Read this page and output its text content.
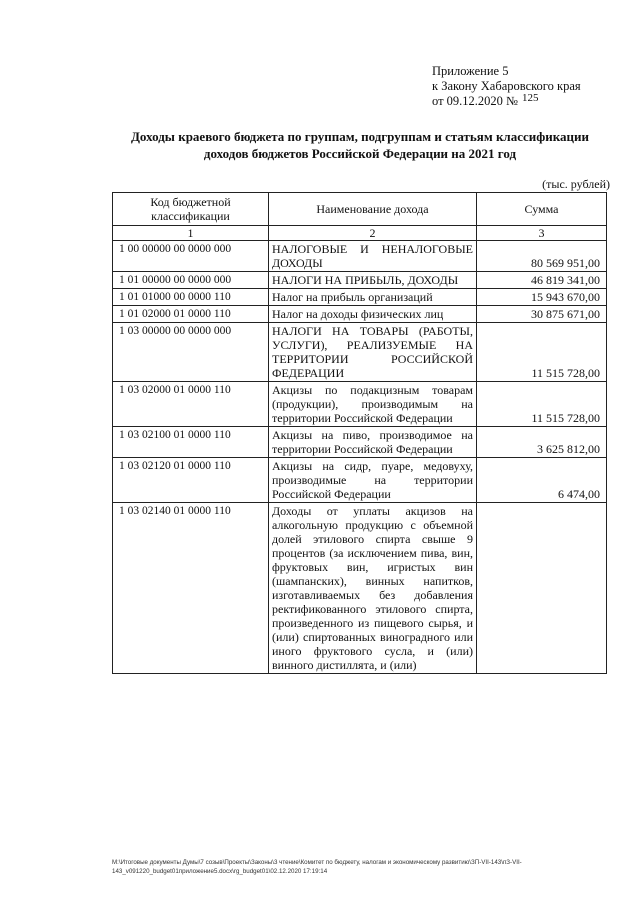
Приложение 5
к Закону Хабаровского края
от 09.12.2020 № 125
Доходы краевого бюджета по группам, подгруппам и статьям классификации
доходов бюджетов Российской Федерации на 2021 год
(тыс. рублей)
Код бюджетной классификации	Наименование дохода	Сумма
1	2	3
1 00 00000 00 0000 000	НАЛОГОВЫЕ И НЕНАЛОГОВЫЕ ДОХОДЫ	80 569 951,00
1 01 00000 00 0000 000	НАЛОГИ НА ПРИБЫЛЬ, ДОХОДЫ	46 819 341,00
1 01 01000 00 0000 110	Налог на прибыль организаций	15 943 670,00
1 01 02000 01 0000 110	Налог на доходы физических лиц	30 875 671,00
1 03 00000 00 0000 000	НАЛОГИ НА ТОВАРЫ (РАБОТЫ, УСЛУГИ), РЕАЛИЗУЕМЫЕ НА ТЕРРИТОРИИ РОССИЙСКОЙ ФЕДЕРАЦИИ	11 515 728,00
1 03 02000 01 0000 110	Акцизы по подакцизным товарам (продукции), производимым на территории Российской Федерации	11 515 728,00
1 03 02100 01 0000 110	Акцизы на пиво, производимое на территории Российской Федерации	3 625 812,00
1 03 02120 01 0000 110	Акцизы на сидр, пуаре, медовуху, производимые на территории Российской Федерации	6 474,00
1 03 02140 01 0000 110	Доходы от уплаты акцизов на алкогольную продукцию с объемной долей этилового спирта свыше 9 процентов (за исключением пива, вин, фруктовых вин, игристых вин (шампанских), винных напитков, изготавливаемых без добавления ректификованного этилового спирта, произведенного из пищевого сырья, и (или) спиртованных виноградного или иного фруктового сусла, и (или) винного дистиллята, и (или)	
M:\Итоговые документы Думы\7 созыв\Проекты\Законы\3 чтение\Комитет по бюджету, налогам и экономическому развитию\ЗП-VII-143\пЗ-VII-
143_v091220_budget01приложение5.docx\rg_budget01\02.12.2020 17:19:14
